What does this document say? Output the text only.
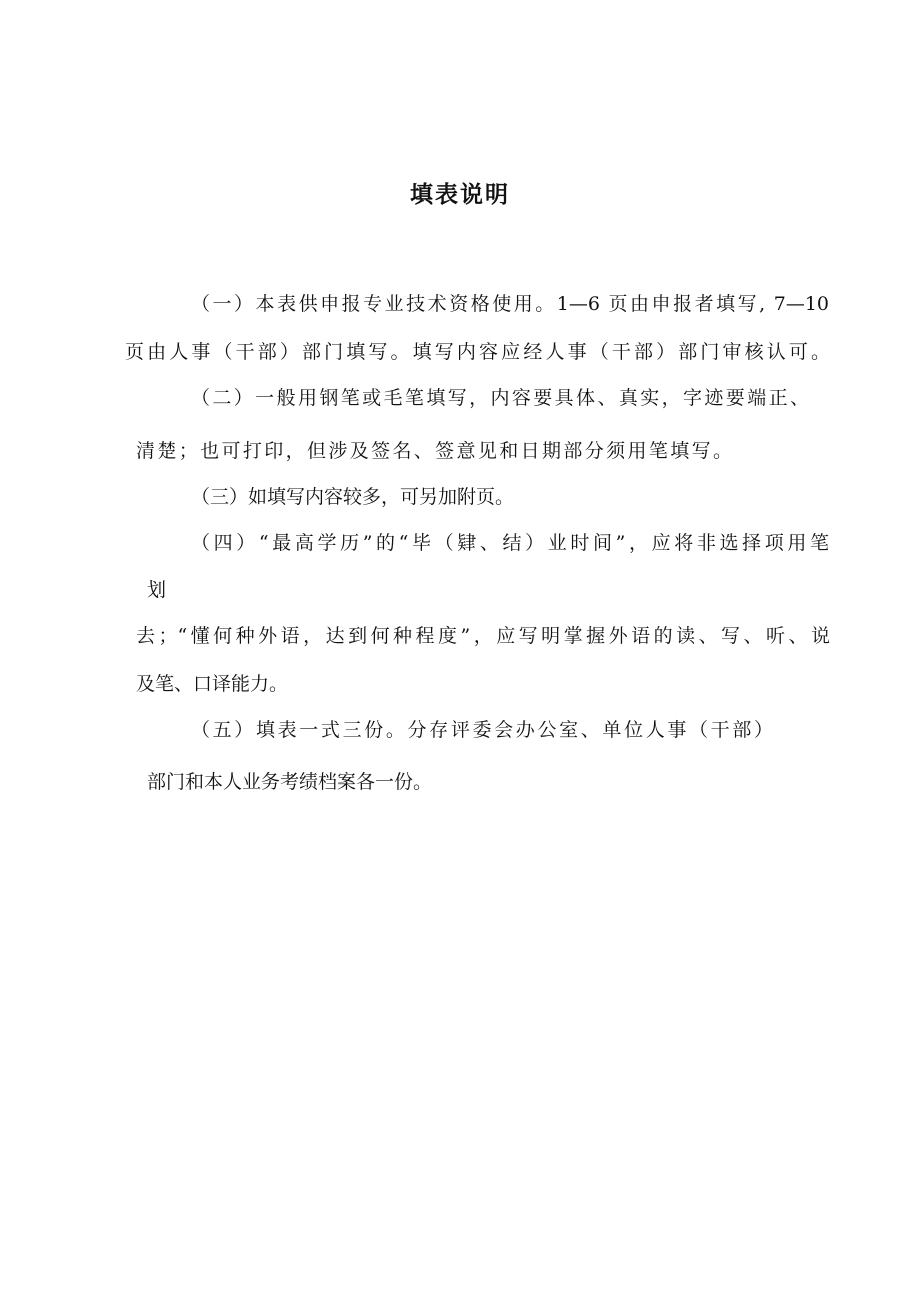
填表说明

（一）本表供申报专业技术资格使用。1—6 页由申报者填写, 7—10

页由人事（干部）部门填写。填写内容应经人事（干部）部门审核认可。

（二）一般用钢笔或毛笔填写，内容要具体、真实，字迹要端正、

清楚；也可打印，但涉及签名、签意见和日期部分须用笔填写。

（三）如填写内容较多，可另加附页。

（四）“最高学历”的“毕（肄、结）业时间”，应将非选择项用笔

划

去；“懂何种外语，达到何种程度”，应写明掌握外语的读、写、听、说

及笔、口译能力。

（五）填表一式三份。分存评委会办公室、单位人事（干部）

部门和本人业务考绩档案各一份。
